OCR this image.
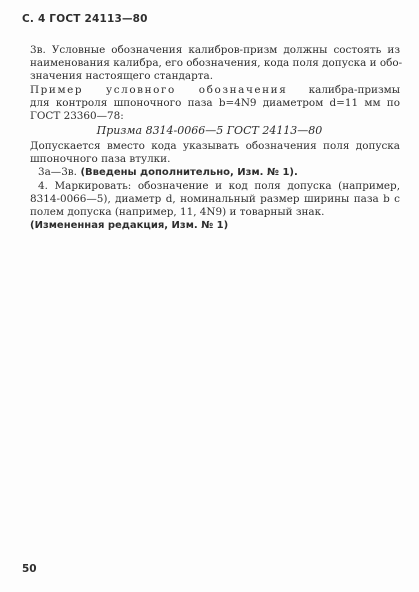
С. 4 ГОСТ 24113—80
3в. Условные обозначения калибров-призм должны состоять из
наименования калибра, его обозначения, кода поля допуска и обо-
значения настоящего стандарта.
Пример условного обозначения калибра-призмы
для контроля шпоночного паза b=4N9 диаметром d=11 мм по
ГОСТ 23360—78:
Призма 8314-0066—5 ГОСТ 24113—80
Допускается вместо кода указывать обозначения поля допуска
шпоночного паза втулки.
3а—3в. (Введены дополнительно, Изм. № 1).
4. Маркировать: обозначение и код поля допуска (например,
8314-0066—5), диаметр d, номинальный размер ширины паза b с
полем допуска (например, 11, 4N9) и товарный знак.
(Измененная редакция, Изм. № 1)
50
